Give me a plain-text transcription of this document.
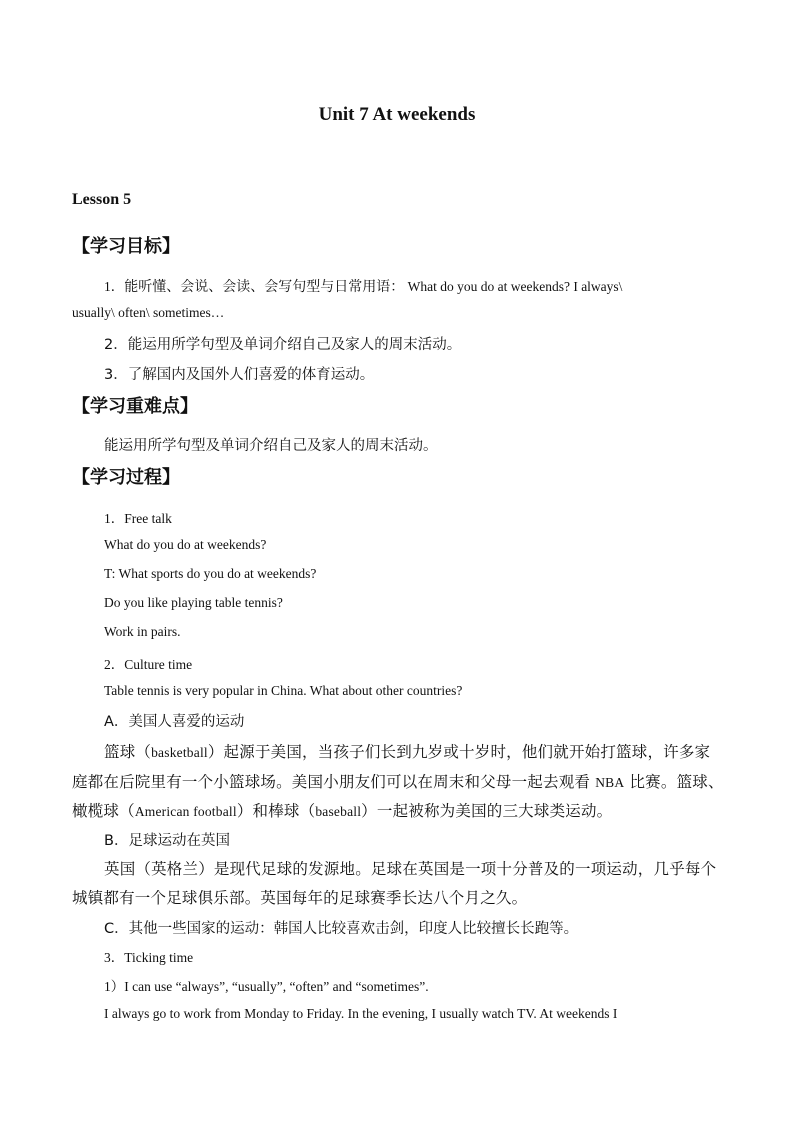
Unit 7 At weekends
Lesson 5
【学习目标】
1．能听懂、会说、会读、会写句型与日常用语： What do you do at weekends? I always\
usually\ often\ sometimes…
2．能运用所学句型及单词介绍自己及家人的周末活动。
3．了解国内及国外人们喜爱的体育运动。
【学习重难点】
能运用所学句型及单词介绍自己及家人的周末活动。
【学习过程】
1．Free talk
What do you do at weekends?
T: What sports do you do at weekends?
Do you like playing table tennis?
Work in pairs.
2．Culture time
Table tennis is very popular in China. What about other countries?
A．美国人喜爱的运动
篮球（basketball）起源于美国，当孩子们长到九岁或十岁时，他们就开始打篮球，许多家
庭都在后院里有一个小篮球场。美国小朋友们可以在周末和父母一起去观看 NBA 比赛。篮球、
橄榄球（American football）和棒球（baseball）一起被称为美国的三大球类运动。
B．足球运动在英国
英国（英格兰）是现代足球的发源地。足球在英国是一项十分普及的一项运动，几乎每个
城镇都有一个足球俱乐部。英国每年的足球赛季长达八个月之久。
C．其他一些国家的运动：韩国人比较喜欢击剑，印度人比较擅长长跑等。
3．Ticking time
1）I can use “always”, “usually”, “often” and “sometimes”.
I always go to work from Monday to Friday. In the evening, I usually watch TV. At weekends I
